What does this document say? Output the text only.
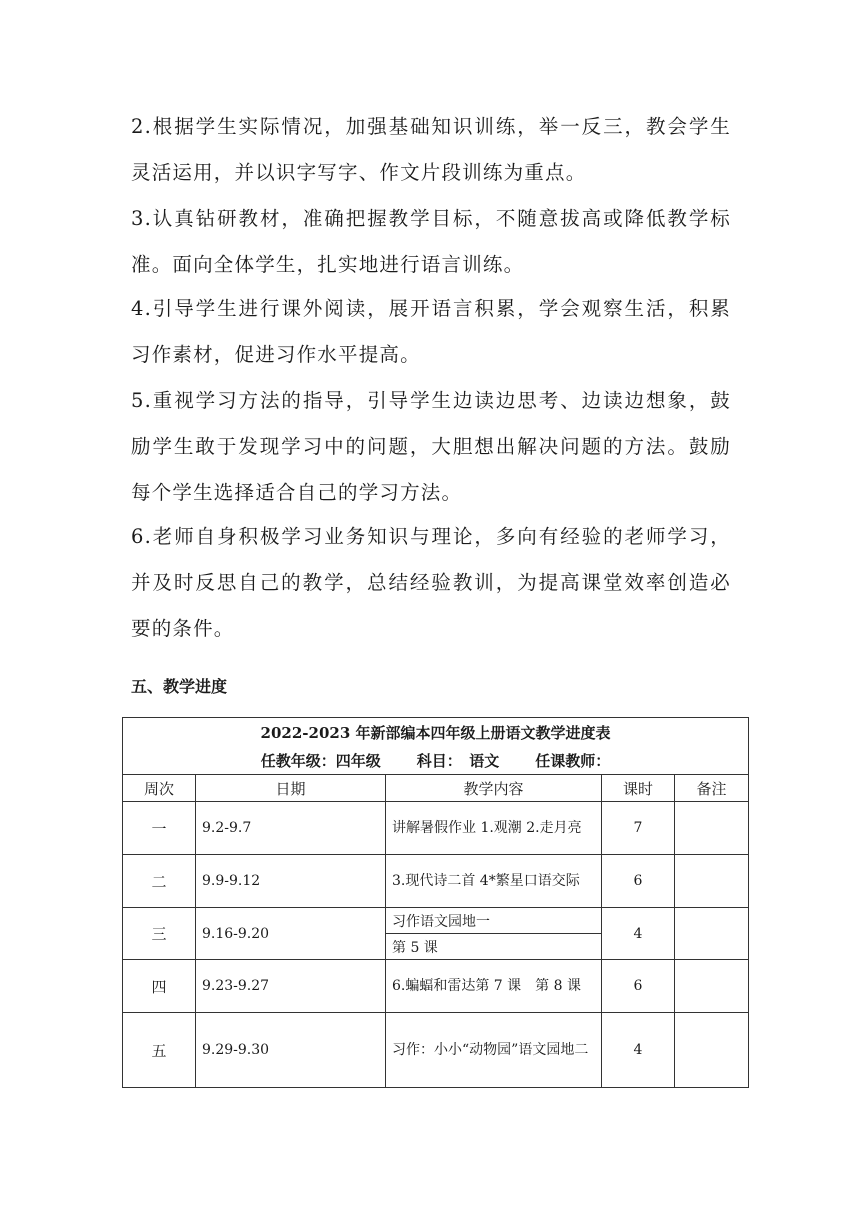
2.根据学生实际情况，加强基础知识训练，举一反三，教会学生灵活运用，并以识字写字、作文片段训练为重点。
3.认真钻研教材，准确把握教学目标，不随意拔高或降低教学标准。面向全体学生，扎实地进行语言训练。
4.引导学生进行课外阅读，展开语言积累，学会观察生活，积累习作素材，促进习作水平提高。
5.重视学习方法的指导，引导学生边读边思考、边读边想象，鼓励学生敢于发现学习中的问题，大胆想出解决问题的方法。鼓励每个学生选择适合自己的学习方法。
6.老师自身积极学习业务知识与理论，多向有经验的老师学习，并及时反思自己的教学，总结经验教训，为提高课堂效率创造必要的条件。
五、教学进度
2022-2023 年新部编本四年级上册语文教学进度表				
任教年级：四年级 科目：　 语文 任课教师：				
周次	日期	教学内容	课时	备注
一	9.2-9.7	讲解暑假作业 1.观潮 2.走月亮	7	
二	9.9-9.12	3.现代诗二首 4*繁星口语交际	6	
三	9.16-9.20	习作语文园地一	4	
		第 5 课		
四	9.23-9.27	6.蝙蝠和雷达第 7 课　第 8 课	6	
五	9.29-9.30	习作：小小“动物园”语文园地二	4	
